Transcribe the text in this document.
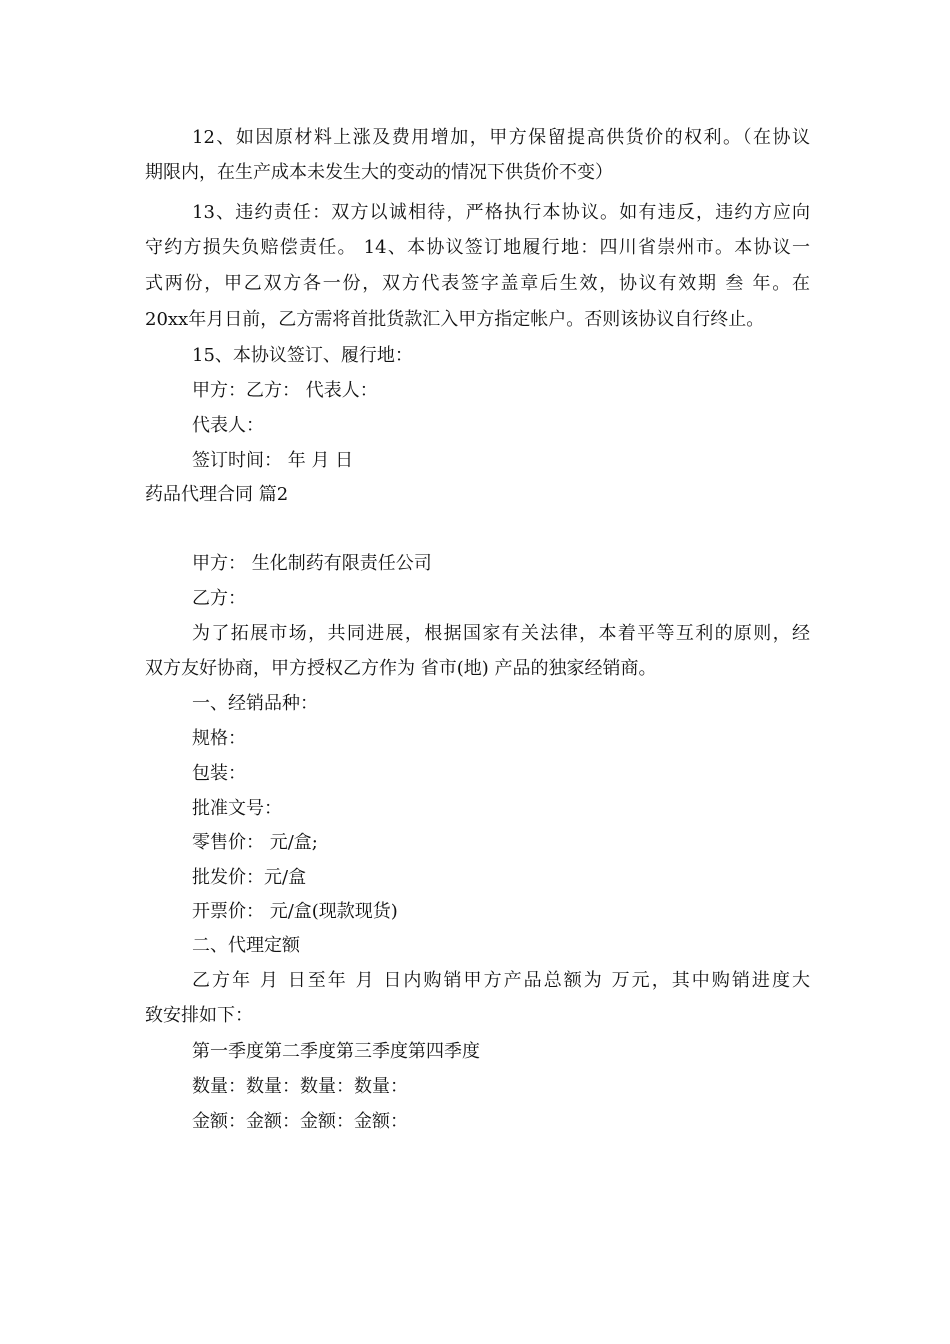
12、如因原材料上涨及费用增加，甲方保留提高供货价的权利。（在协议
期限内，在生产成本未发生大的变动的情况下供货价不变）
13、违约责任：双方以诚相待，严格执行本协议。如有违反，违约方应向
守约方损失负赔偿责任。 14、本协议签订地履行地：四川省崇州市。本协议一
式两份，甲乙双方各一份，双方代表签字盖章后生效，协议有效期 叁 年。在
20xx年月日前，乙方需将首批货款汇入甲方指定帐户。否则该协议自行终止。
15、本协议签订、履行地：
甲方：乙方： 代表人：
代表人：
签订时间： 年 月 日
药品代理合同 篇2
甲方： 生化制药有限责任公司
乙方：
为了拓展市场，共同进展，根据国家有关法律，本着平等互利的原则，经
双方友好协商，甲方授权乙方作为 省市(地) 产品的独家经销商。
一、经销品种：
规格：
包装：
批准文号：
零售价： 元/盒;
批发价：元/盒
开票价： 元/盒(现款现货)
二、代理定额
乙方年 月 日至年 月 日内购销甲方产品总额为 万元，其中购销进度大
致安排如下：
第一季度第二季度第三季度第四季度
数量：数量：数量：数量：
金额：金额：金额：金额：
